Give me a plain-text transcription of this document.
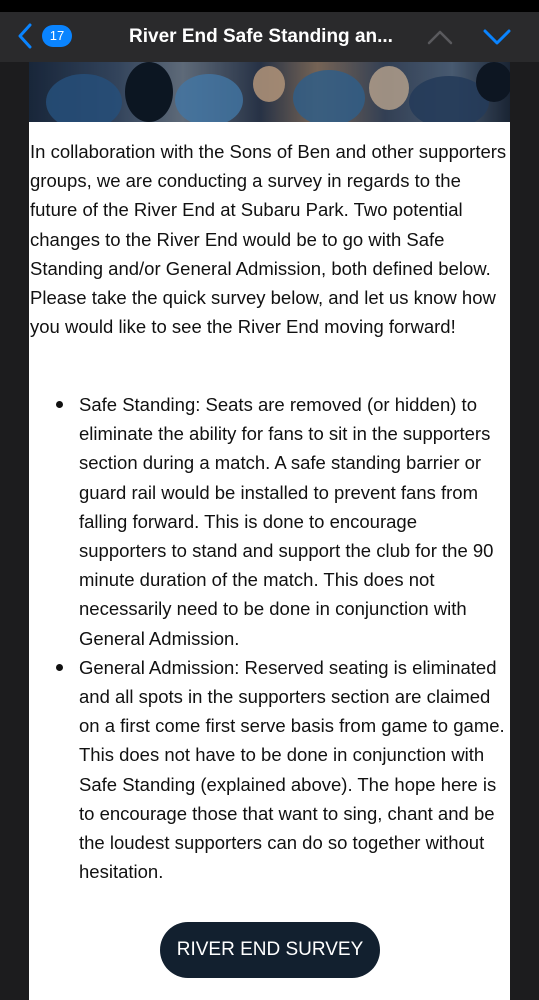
17	River End Safe Standing an...

In collaboration with the Sons of Ben and other supporters groups, we are conducting a survey in regards to the future of the River End at Subaru Park. Two potential changes to the River End would be to go with Safe Standing and/or General Admission, both defined below. Please take the quick survey below, and let us know how you would like to see the River End moving forward!

Safe Standing: Seats are removed (or hidden) to eliminate the ability for fans to sit in the supporters section during a match. A safe standing barrier or guard rail would be installed to prevent fans from falling forward. This is done to encourage supporters to stand and support the club for the 90 minute duration of the match. This does not necessarily need to be done in conjunction with General Admission.
General Admission: Reserved seating is eliminated and all spots in the supporters section are claimed on a first come first serve basis from game to game. This does not have to be done in conjunction with Safe Standing (explained above). The hope here is to encourage those that want to sing, chant and be the loudest supporters can do so together without hesitation.
RIVER END SURVEY
